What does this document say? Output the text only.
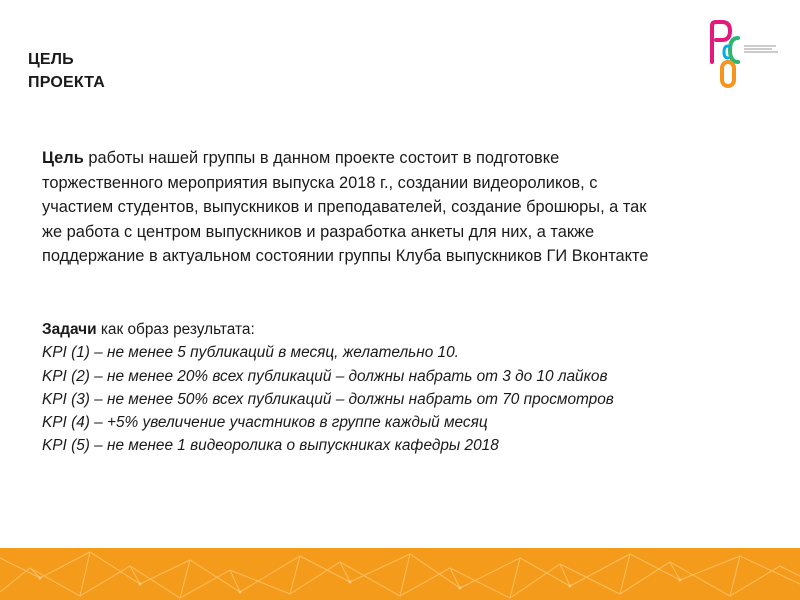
ЦЕЛЬ
ПРОЕКТА
Цель работы нашей группы в данном проекте состоит в подготовке
торжественного мероприятия выпуска 2018 г., создании видеороликов, с
участием студентов, выпускников и преподавателей, создание брошюры, а так
же работа с центром выпускников и разработка анкеты для них, а также
поддержание в актуальном состоянии группы Клуба выпускников ГИ Вконтакте
Задачи как образ результата:
KPI (1) – не менее 5 публикаций в месяц, желательно 10.
KPI (2) – не менее 20% всех публикаций – должны набрать от 3 до 10 лайков
KPI (3) – не менее 50% всех публикаций – должны набрать от 70 просмотров
KPI (4) – +5% увеличение участников в группе каждый месяц
KPI (5) – не менее 1 видеоролика о выпускниках кафедры 2018
